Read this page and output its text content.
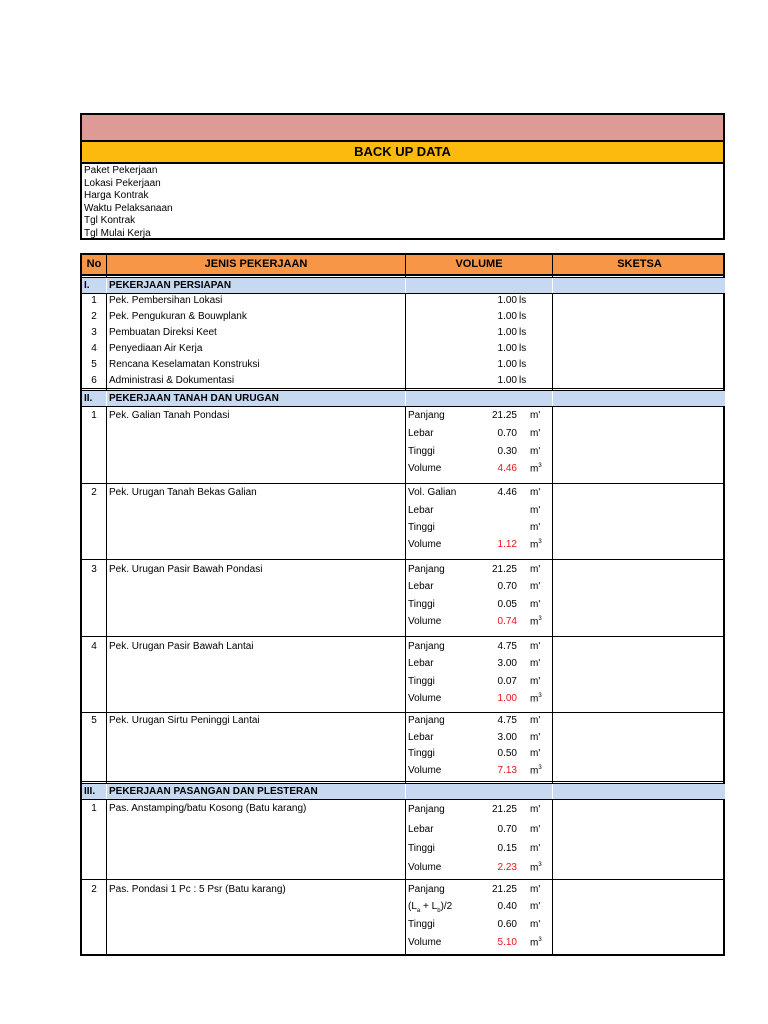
BACK UP DATA
Paket Pekerjaan
Lokasi Pekerjaan
Harga Kontrak
Waktu Pelaksanaan
Tgl Kontrak
Tgl Mulai Kerja
No	JENIS PEKERJAAN	VOLUME	SKETSA
I. PEKERJAAN PERSIAPAN
1	Pek. Pembersihan Lokasi	1.00 ls
2	Pek. Pengukuran & Bouwplank	1.00 ls
3	Pembuatan Direksi Keet	1.00 ls
4	Penyediaan Air Kerja	1.00 ls
5	Rencana Keselamatan Konstruksi	1.00 ls
6	Administrasi & Dokumentasi	1.00 ls
II. PEKERJAAN TANAH DAN URUGAN
1	Pek. Galian Tanah Pondasi	Panjang	21.25 m'
Lebar	0.70 m'
Tinggi	0.30 m'
Volume	4.46 $m^3$
2	Pek. Urugan Tanah Bekas Galian	Vol. Galian	4.46 m'
Lebar	m'
Tinggi	m'
Volume	1.12 $m^3$
3	Pek. Urugan Pasir Bawah Pondasi	Panjang	21.25 m'
Lebar	0.70 m'
Tinggi	0.05 m'
Volume	0.74 $m^3$
4	Pek. Urugan Pasir Bawah Lantai	Panjang	4.75 m'
Lebar	3.00 m'
Tinggi	0.07 m'
Volume	1.00 $m^3$
5	Pek. Urugan Sirtu Peninggi Lantai	Panjang	4.75 m'
Lebar	3.00 m'
Tinggi	0.50 m'
Volume	7.13 $m^3$
III. PEKERJAAN PASANGAN DAN PLESTERAN
1	Pas. Anstamping/batu Kosong (Batu karang)	Panjang	21.25 m'
Lebar	0.70 m'
Tinggi	0.15 m'
Volume	2.23 $m^3$
2	Pas. Pondasi 1 Pc : 5 Psr (Batu karang)	Panjang	21.25 m'
$(L_a + L_b)/2$	0.40 m'
Tinggi	0.60 m'
Volume	5.10 $m^3$
